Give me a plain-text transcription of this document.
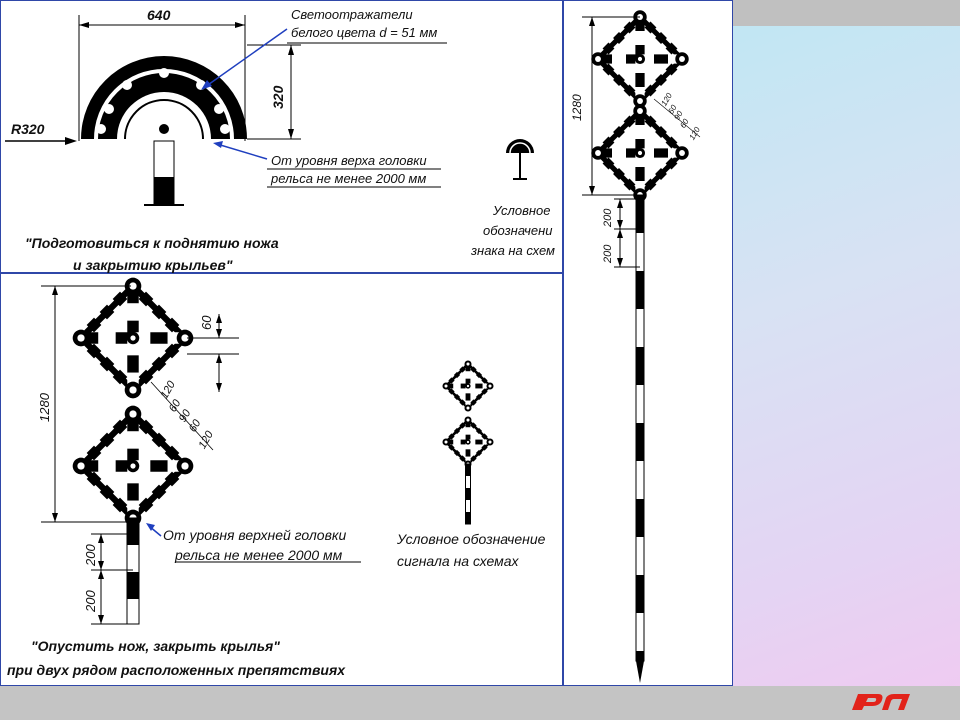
640
320
R320
Светоотражатели
белого цвета d = 51 мм
От уровня верха головки
рельса не менее 2000 мм
Условное
обозначени
знака на схем
"Подготовиться к поднятию ножа
и закрытию крыльев"
1280
60
120
60
90
60
120
От уровня верхней головки
рельса не менее 2000 мм
200
200
Условное обозначение
сигнала на схемах
"Опустить нож, закрыть крылья"
при двух рядом расположенных препятствиях
1280	120
60
90
60
120
200
200
